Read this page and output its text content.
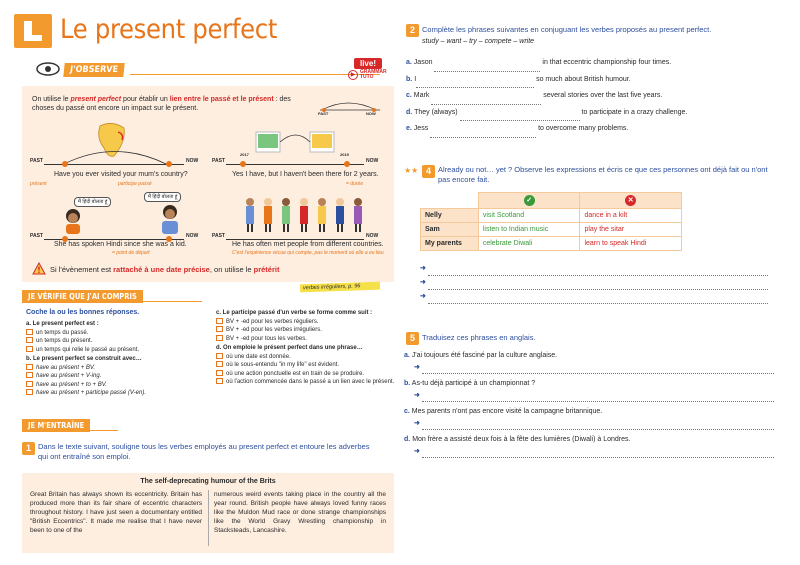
Le present perfect
J'OBSERVE
live!
▶ GRAMMAR TUTO
On utilise le present perfect pour établir un lien entre le passé et le présent : des choses du passé ont encore un impact sur le présent.
PAST	NOW
PAST	NOW
Have you ever visited your mum's country?
présent	participe passé
2017	2019
PAST	NOW
Yes I have, but I haven't been there for 2 years.
= durée
मैं हिंदी बोलता हूं
मैं हिंदी बोलता हूं
PAST	NOW
She has spoken Hindi since she was a kid.
= point de départ
PAST	NOW
He has often met people from different countries.
C'est l'expérience vécue qui compte, pas le moment où elle a eu lieu
Si l'évènement est rattaché à une date précise, on utilise le prétérit
verbes irréguliers, p. 96
JE VÉRIFIE QUE J'AI COMPRIS
Coche la ou les bonnes réponses.
a. Le present perfect est :
un temps du passé.
un temps du présent.
un temps qui relie le passé au présent.
b. Le present perfect se construit avec…
have au présent + BV.
have au présent + V-ing.
have au présent + to + BV.
have au présent + participe passé (V-en).
c. Le participe passé d'un verbe se forme comme suit :
BV + -ed pour les verbes réguliers.
BV + -ed pour les verbes irréguliers.
BV + -ed pour tous les verbes.
d. On emploie le présent perfect dans une phrase…
où une date est donnée.
où le sous-entendu "in my life" est évident.
où une action ponctuelle est en train de se produire.
où l'action commencée dans le passé a un lien avec le présent.
JE M'ENTRAÎNE
1 Dans le texte suivant, souligne tous les verbes employés au present perfect et entoure les adverbes qui ont entraîné son emploi.
The self-deprecating humour of the Brits
Great Britain has always shown its eccentricity. Britain has produced more than its fair share of eccentric characters throughout history. I have just seen a documentary entitled "British Eccentrics". It made me realise that I have never been to one of the
numerous weird events taking place in the country all the year round. British people have always loved funny races like the Muldon Mud race or done strange championships like the World Gravy Wrestling championship in Stacksteads, Lancashire.
2 Complète les phrases suivantes en conjuguant les verbes proposés au present perfect.
study – want – try – compete – write
a. Jason	in that eccentric championship four times.
b. I	so much about British humour.
c. Mark	several stories over the last five years.
d. They (always)	to participate in a crazy challenge.
e. Jess	to overcome many problems.
★★ 4 Already ou not… yet ? Observe les expressions et écris ce que ces personnes ont déjà fait ou n'ont pas encore fait.
	✓	✕
Nelly	visit Scotland	dance in a kilt
Sam	listen to Indian music	play the sitar
My parents	celebrate Diwali	learn to speak Hindi
➜
➜
➜
5 Traduisez ces phrases en anglais.
a. J'ai toujours été fasciné par la culture anglaise.
➜
b. As-tu déjà participé à un championnat ?
➜
c. Mes parents n'ont pas encore visité la campagne britannique.
➜
d. Mon frère a assisté deux fois à la fête des lumières (Diwali) à Londres.
➜
